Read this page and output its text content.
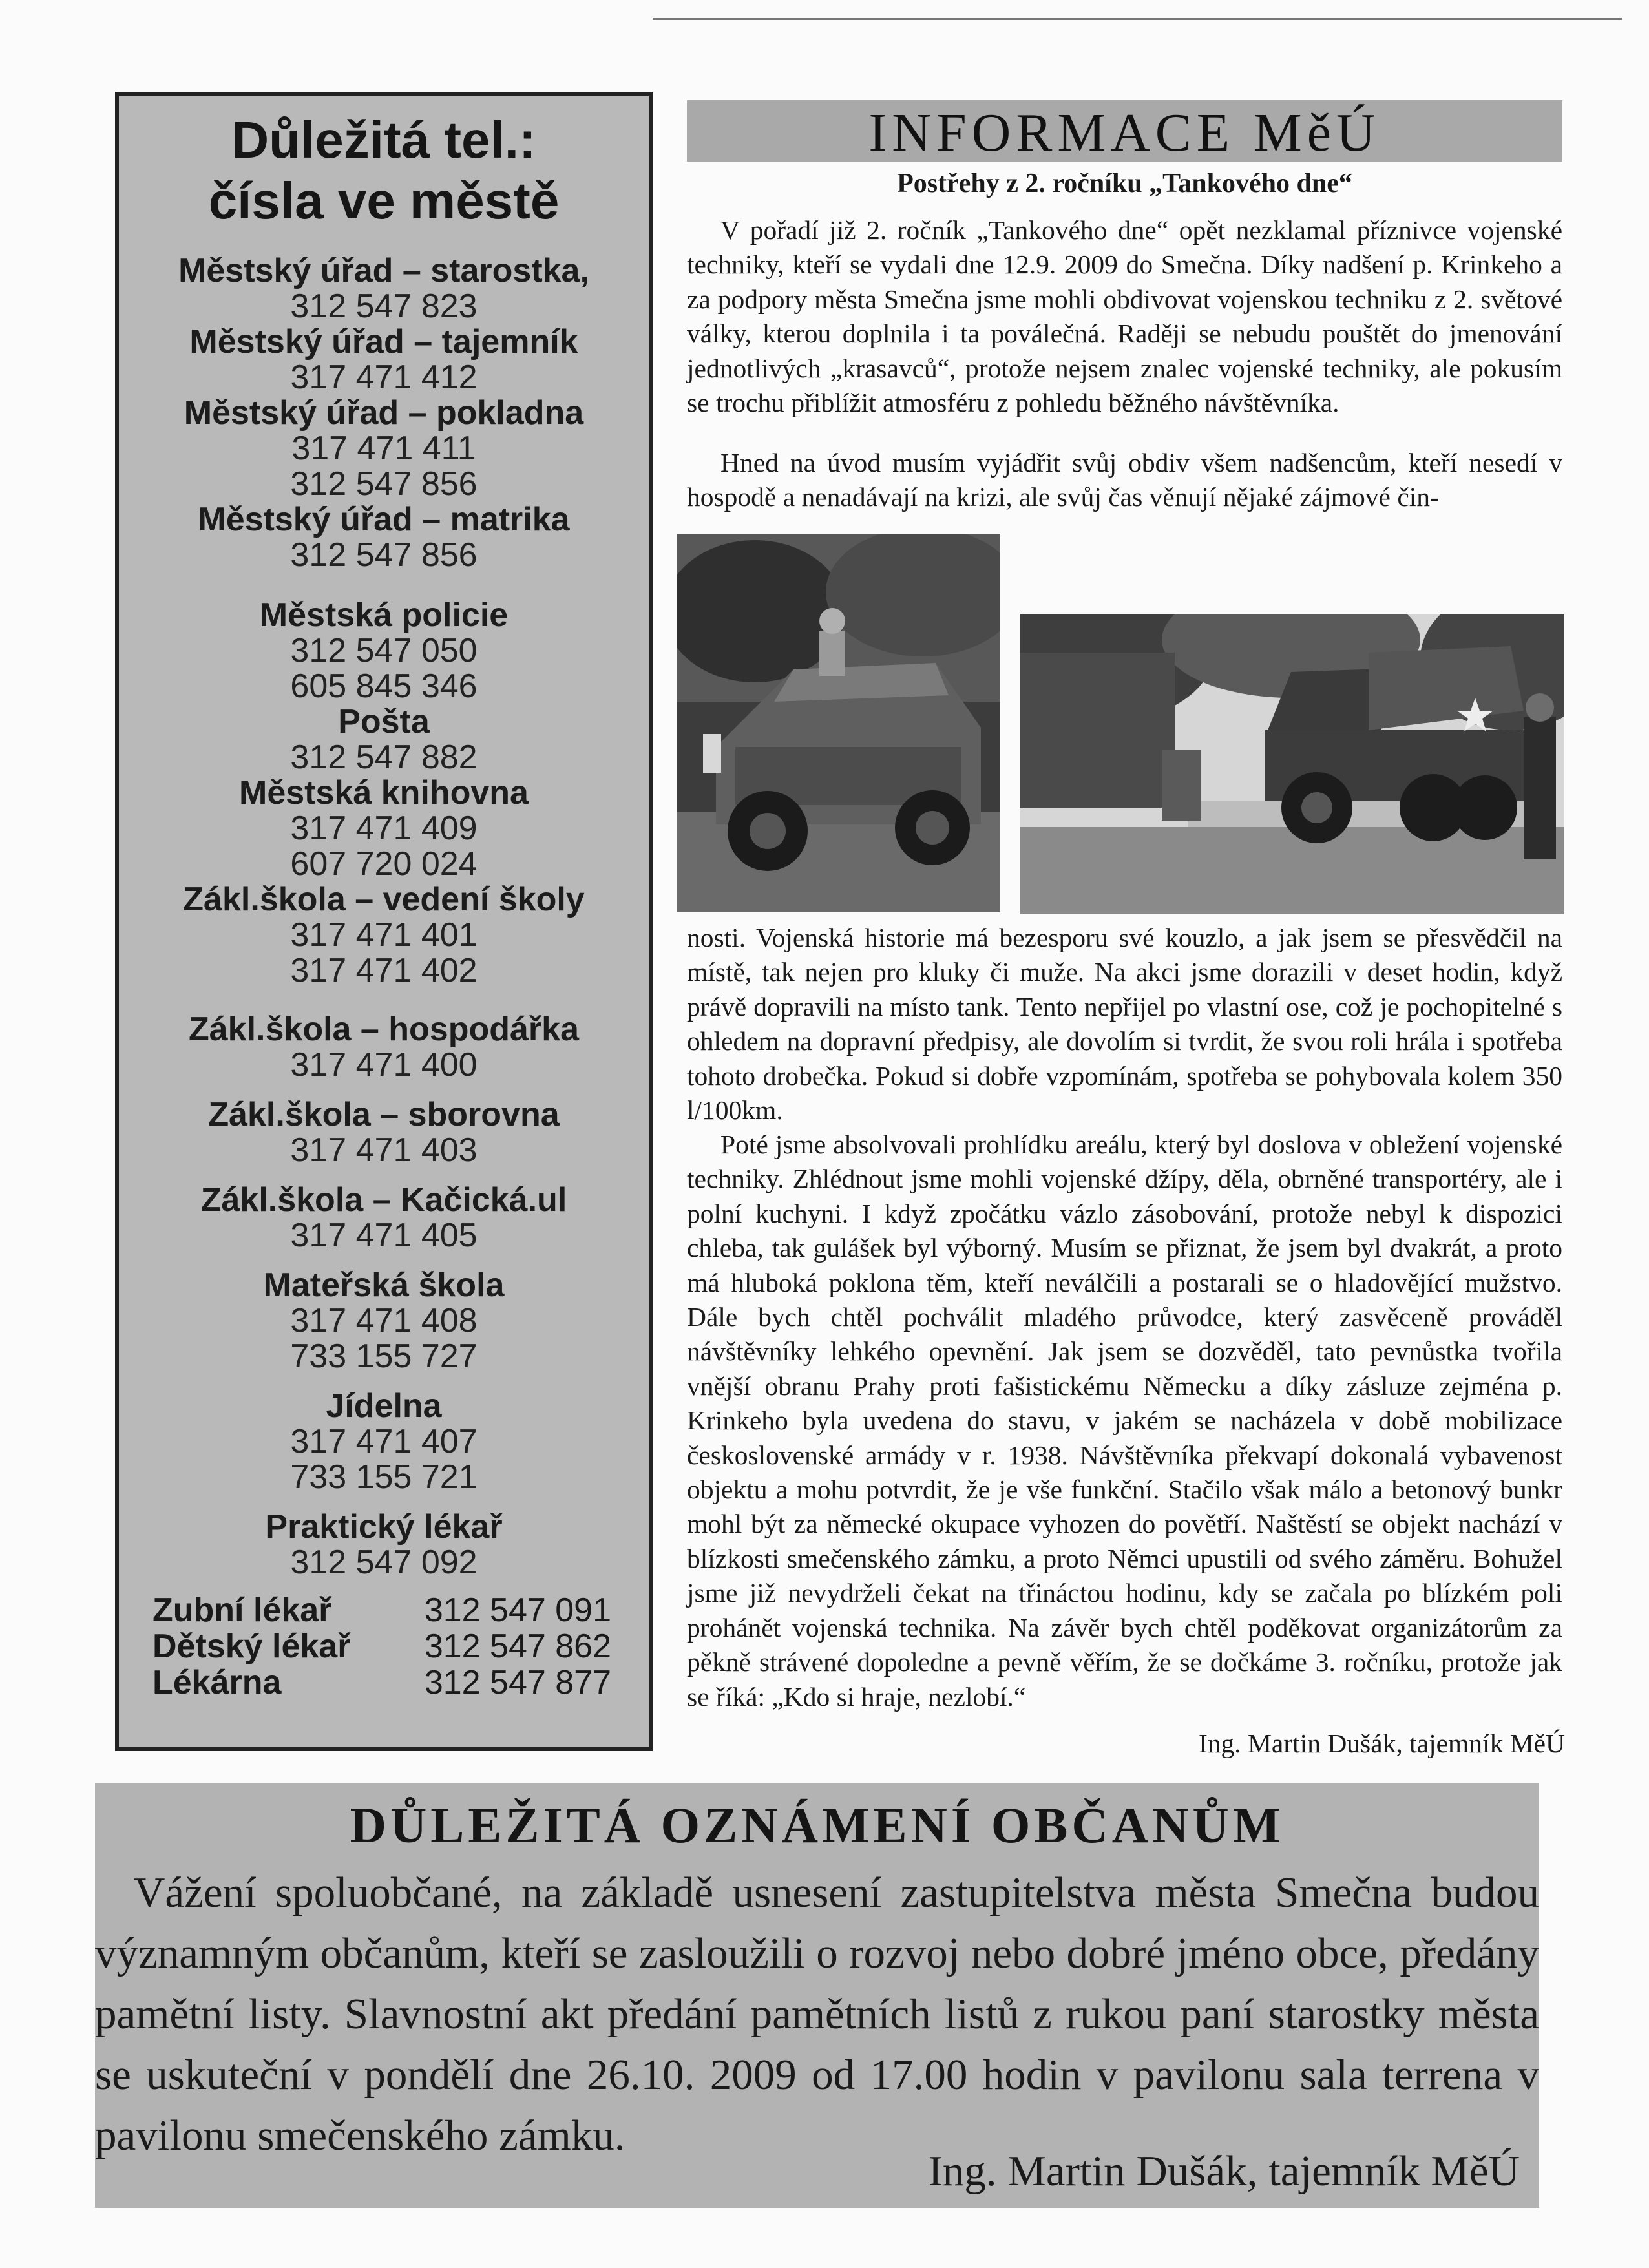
Důležitá tel.:
čísla ve městě
Městský úřad – starostka,
312 547 823
Městský úřad – tajemník
317 471 412
Městský úřad – pokladna
317 471 411
312 547 856
Městský úřad – matrika
312 547 856
Městská policie
312 547 050
605 845 346
Pošta
312 547 882
Městská knihovna
317 471 409
607 720 024
Zákl.škola – vedení školy
317 471 401
317 471 402
Zákl.škola – hospodářka
317 471 400
Zákl.škola – sborovna
317 471 403
Zákl.škola – Kačická.ul
317 471 405
Mateřská škola
317 471 408
733 155 727
Jídelna
317 471 407
733 155 721
Praktický lékař
312 547 092
Zubní lékař	312 547 091
Dětský lékař 312 547 862
Lékárna	312 547 877
INFORMACE MěÚ
Postřehy z 2. ročníku „Tankového dne“
V pořadí již 2. ročník „Tankového dne“ opět nezklamal příznivce vojenské techniky, kteří se vydali dne 12.9. 2009 do Smečna. Díky nadšení p. Krinkeho a za podpory města Smečna jsme mohli obdivovat vojenskou techniku z 2. světové války, kterou doplnila i ta poválečná. Raději se nebudu pouštět do jmenování jednotlivých „krasavců“, protože nejsem znalec vojenské techniky, ale pokusím se trochu přiblížit atmosféru z pohledu běžného návštěvníka.
Hned na úvod musím vyjádřit svůj obdiv všem nadšencům, kteří nesedí v hospodě a nenadávají na krizi, ale svůj čas věnují nějaké zájmové čin-
nosti. Vojenská historie má bezesporu své kouzlo, a jak jsem se přesvědčil na místě, tak nejen pro kluky či muže. Na akci jsme dorazili v deset hodin, když právě dopravili na místo tank. Tento nepřijel po vlastní ose, což je pochopitelné s ohledem na dopravní předpisy, ale dovolím si tvrdit, že svou roli hrála i spotřeba tohoto drobečka. Pokud si dobře vzpomínám, spotřeba se pohybovala kolem 350 l/100km.
Poté jsme absolvovali prohlídku areálu, který byl doslova v obležení vojenské techniky. Zhlédnout jsme mohli vojenské džípy, děla, obrněné transportéry, ale i polní kuchyni. I když zpočátku vázlo zásobování, protože nebyl k dispozici chleba, tak gulášek byl výborný. Musím se přiznat, že jsem byl dvakrát, a proto má hluboká poklona těm, kteří neválčili a postarali se o hladovějící mužstvo. Dále bych chtěl pochválit mladého průvodce, který zasvěceně prováděl návštěvníky lehkého opevnění. Jak jsem se dozvěděl, tato pevnůstka tvořila vnější obranu Prahy proti fašistickému Německu a díky zásluze zejména p. Krinkeho byla uvedena do stavu, v jakém se nacházela v době mobilizace československé armády v r. 1938. Návštěvníka překvapí dokonalá vybavenost objektu a mohu potvrdit, že je vše funkční. Stačilo však málo a betonový bunkr mohl být za německé okupace vyhozen do povětří. Naštěstí se objekt nachází v blízkosti smečenského zámku, a proto Němci upustili od svého záměru. Bohužel jsme již nevydrželi čekat na třináctou hodinu, kdy se začala po blízkém poli prohánět vojenská technika. Na závěr bych chtěl poděkovat organizátorům za pěkně strávené dopoledne a pevně věřím, že se dočkáme 3. ročníku, protože jak se říká: „Kdo si hraje, nezlobí.“
Ing. Martin Dušák, tajemník MěÚ
DŮLEŽITÁ OZNÁMENÍ OBČANŮM
Vážení spoluobčané, na základě usnesení zastupitelstva města Smečna budou významným občanům, kteří se zasloužili o rozvoj nebo dobré jméno obce, předány pamětní listy. Slavnostní akt předání pamětních listů z rukou paní starostky města se uskuteční v pondělí dne 26.10. 2009 od 17.00 hodin v pavilonu sala terrena v pavilonu smečenského zámku.
Ing. Martin Dušák, tajemník MěÚ
